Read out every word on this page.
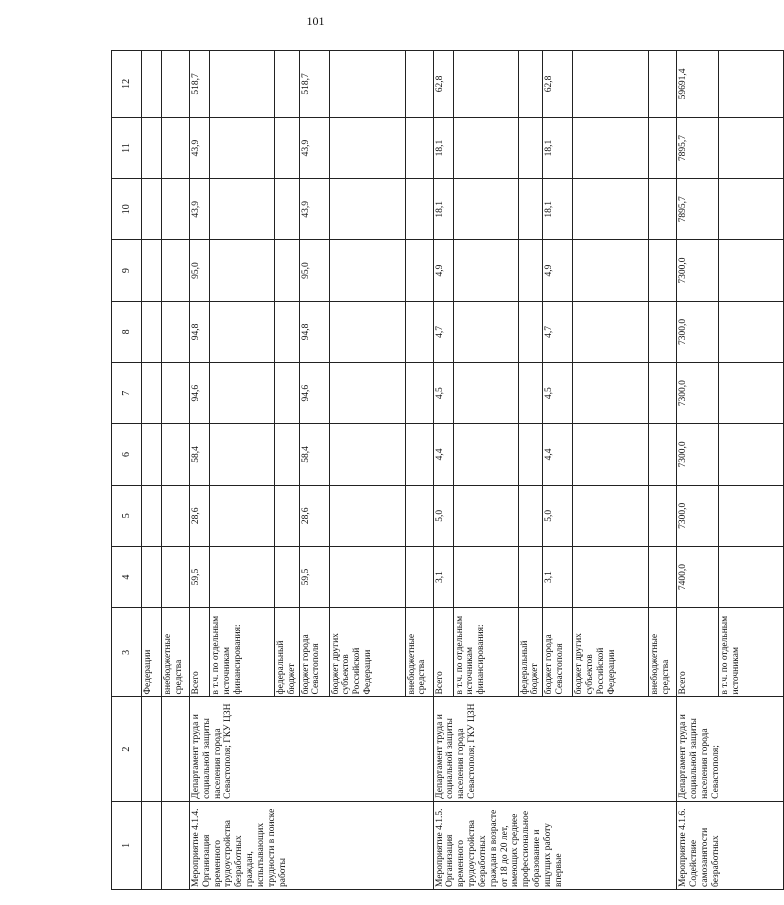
101
1	2	3	4	5	6	7	8	9	10	11	12
		Федерации									
		внебюджетные средства									
Мероприятие 4.1.4. Организация временного трудоустройства безработных граждан, испытывающих трудности в поиске работы	Департамент труда и социальной защиты населения города Севастополя; ГКУ ЦЗН	Всего	59,5	28,6	58,4	94,6	94,8	95,0	43,9	43,9	518,7
		в т.ч. по отдельным источникам финансирования:									
		федеральный бюджет									
		бюджет города Севастополя	59,5	28,6	58,4	94,6	94,8	95,0	43,9	43,9	518,7
		бюджет других субъектов Российской Федерации									
		внебюджетные средства									
Мероприятие 4.1.5. Организация временного трудоустройства безработных граждан в возрасте от 18 до 20 лет, имеющих среднее профессиональное образование и ищущих работу впервые	Департамент труда и социальной защиты населения города Севастополя; ГКУ ЦЗН	Всего	3,1	5,0	4,4	4,5	4,7	4,9	18,1	18,1	62,8
		в т.ч. по отдельным источникам финансирования:									
		федеральный бюджет									
		бюджет города Севастополя	3,1	5,0	4,4	4,5	4,7	4,9	18,1	18,1	62,8
		бюджет других субъектов Российской Федерации									
		внебюджетные средства									
Мероприятие 4.1.6. Содействие самозанятости безработных	Департамент труда и социальной защиты населения города Севастополя;	Всего	7400,0	7300,0	7300,0	7300,0	7300,0	7300,0	7895,7	7895,7	59691,4
		в т.ч. по отдельным источникам									
